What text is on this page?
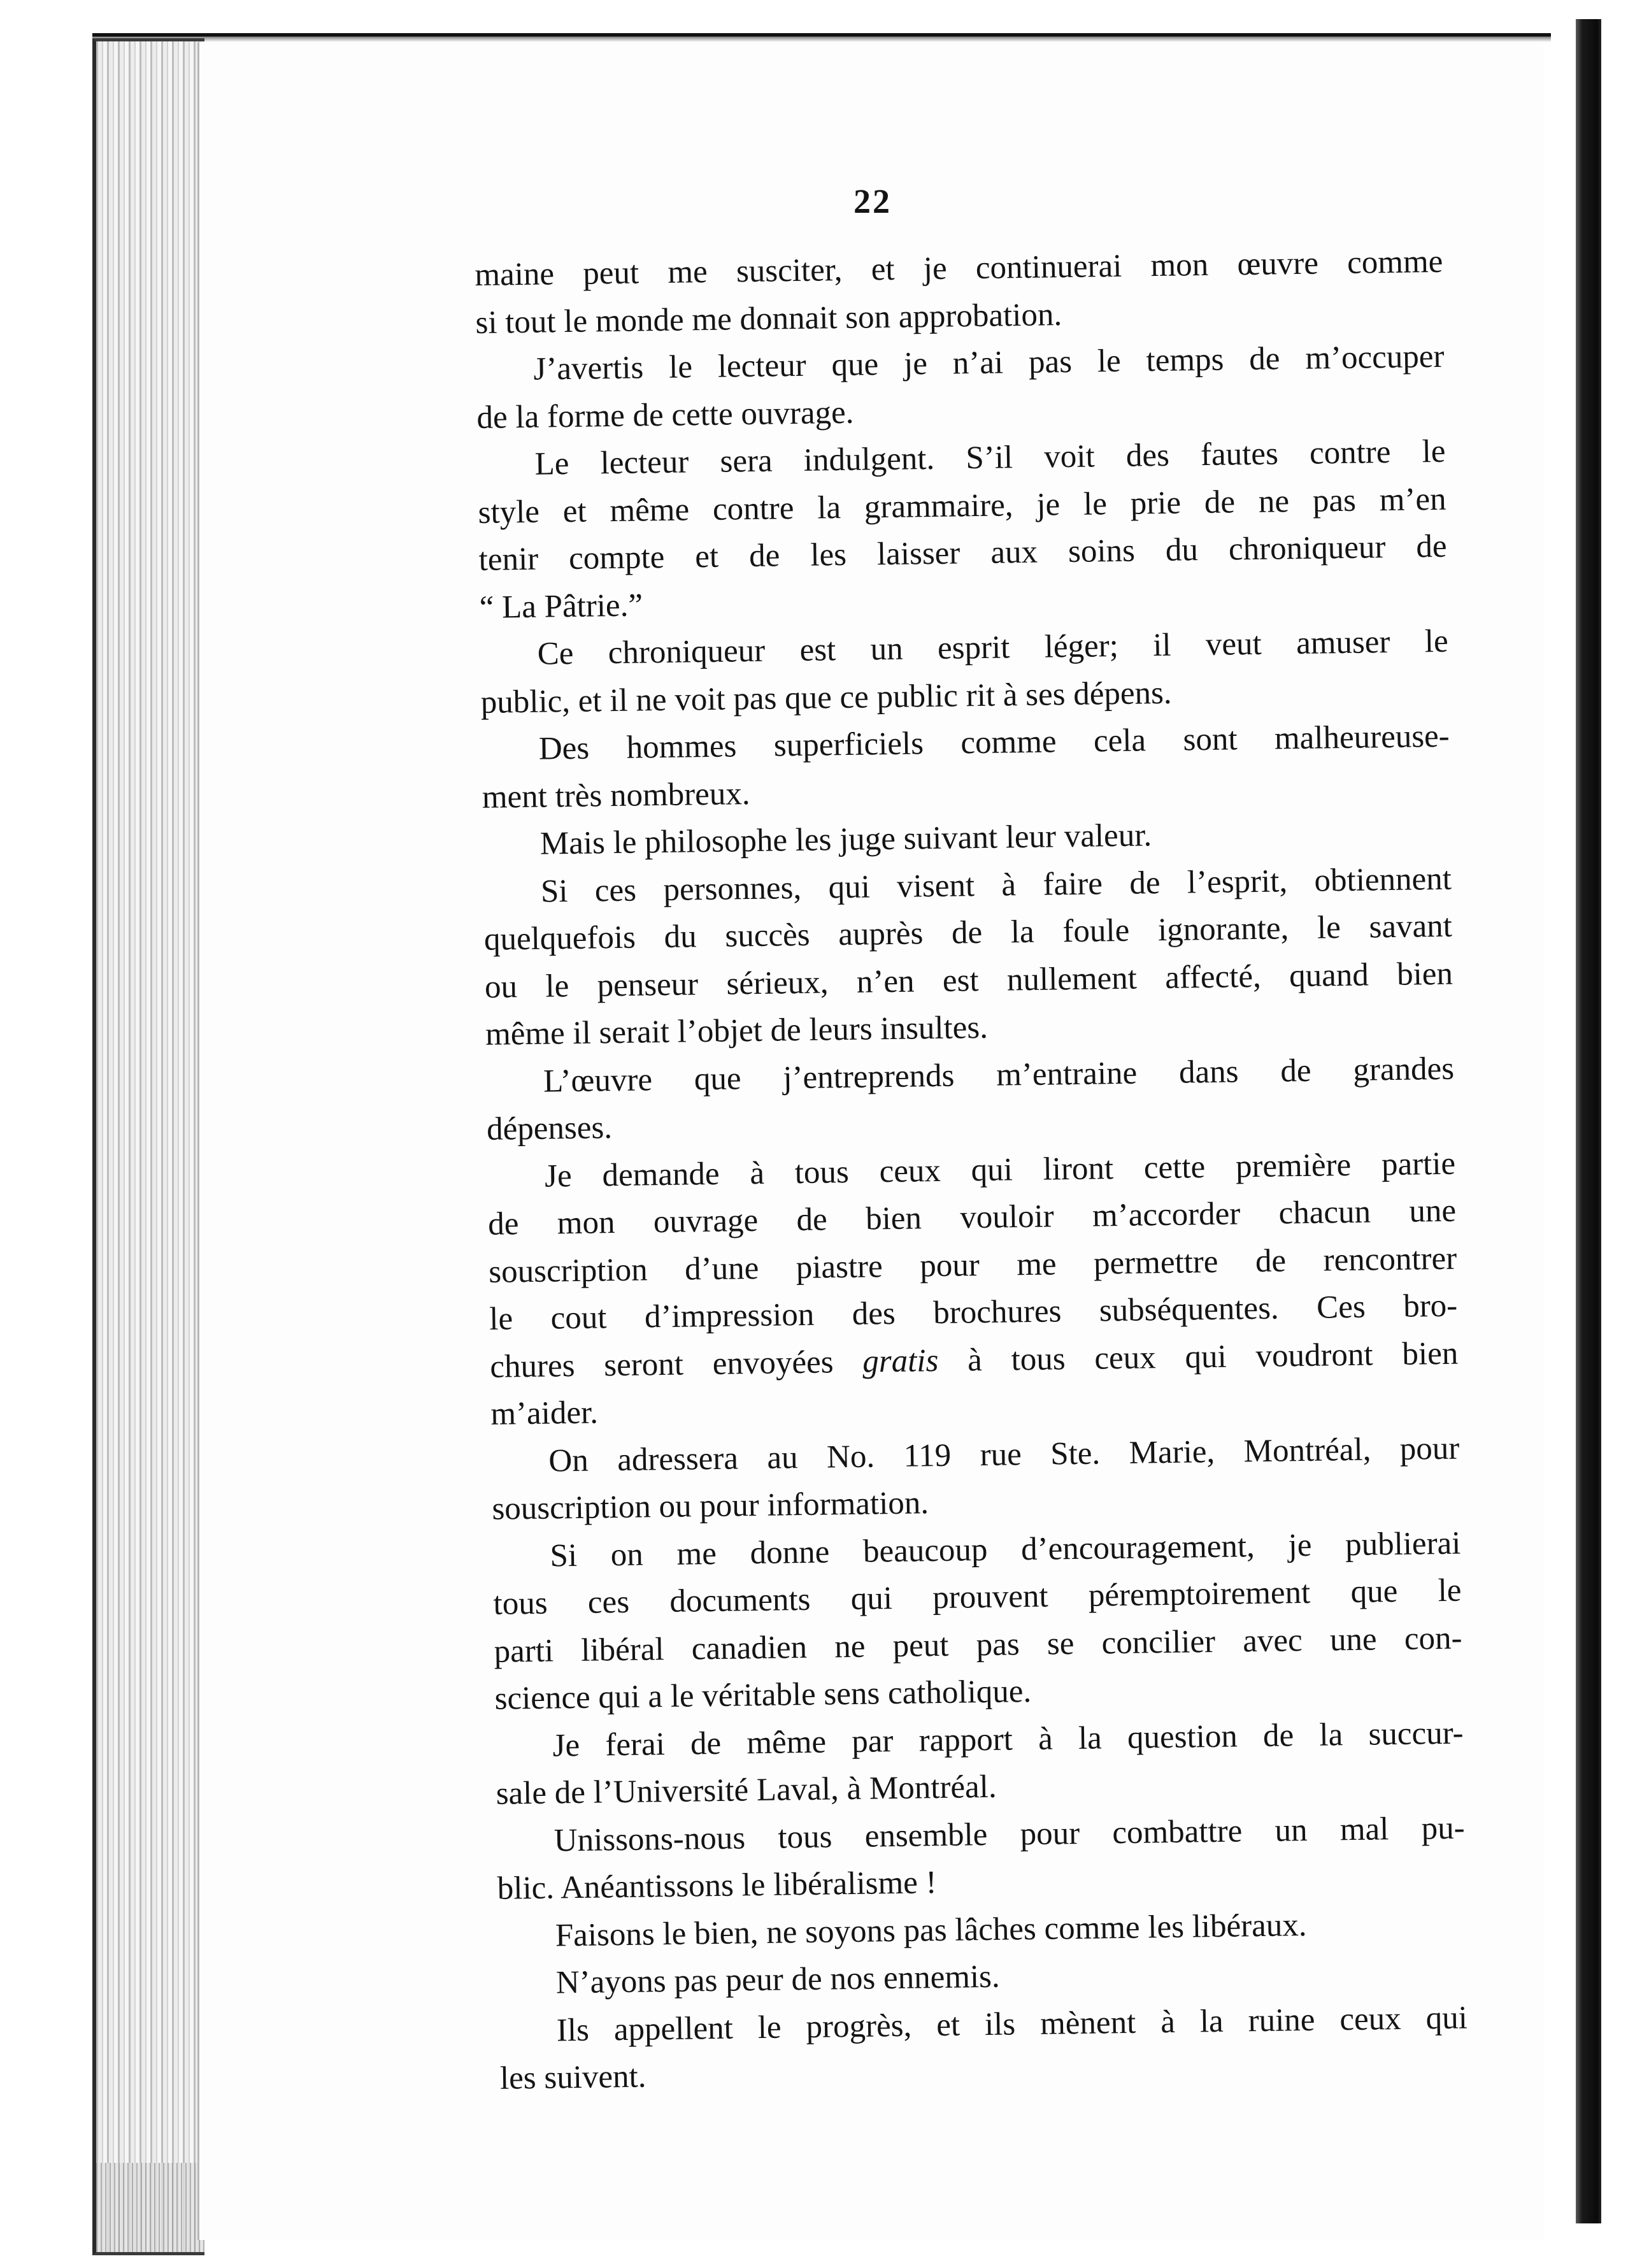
22
maine peut me susciter, et je continuerai mon œuvre comme
si tout le monde me donnait son approbation.
J’avertis le lecteur que je n’ai pas le temps de m’occuper
de la forme de cette ouvrage.
Le lecteur sera indulgent. S’il voit des fautes contre le
style et même contre la grammaire, je le prie de ne pas m’en
tenir compte et de les laisser aux soins du chroniqueur de
“ La Pâtrie.”
Ce chroniqueur est un esprit léger; il veut amuser le
public, et il ne voit pas que ce public rit à ses dépens.
Des hommes superficiels comme cela sont malheureuse-
ment très nombreux.
Mais le philosophe les juge suivant leur valeur.
Si ces personnes, qui visent à faire de l’esprit, obtiennent
quelquefois du succès auprès de la foule ignorante, le savant
ou le penseur sérieux, n’en est nullement affecté, quand bien
même il serait l’objet de leurs insultes.
L’œuvre que j’entreprends m’entraine dans de grandes
dépenses.
Je demande à tous ceux qui liront cette première partie
de mon ouvrage de bien vouloir m’accorder chacun une
souscription d’une piastre pour me permettre de rencontrer
le cout d’impression des brochures subséquentes. Ces bro-
chures seront envoyées gratis à tous ceux qui voudront bien
m’aider.
On adressera au No. 119 rue Ste. Marie, Montréal, pour
souscription ou pour information.
Si on me donne beaucoup d’encouragement, je publierai
tous ces documents qui prouvent péremptoirement que le
parti libéral canadien ne peut pas se concilier avec une con-
science qui a le véritable sens catholique.
Je ferai de même par rapport à la question de la succur-
sale de l’Université Laval, à Montréal.
Unissons-nous tous ensemble pour combattre un mal pu-
blic. Anéantissons le libéralisme !
Faisons le bien, ne soyons pas lâches comme les libéraux.
N’ayons pas peur de nos ennemis.
Ils appellent le progrès, et ils mènent à la ruine ceux qui
les suivent.
